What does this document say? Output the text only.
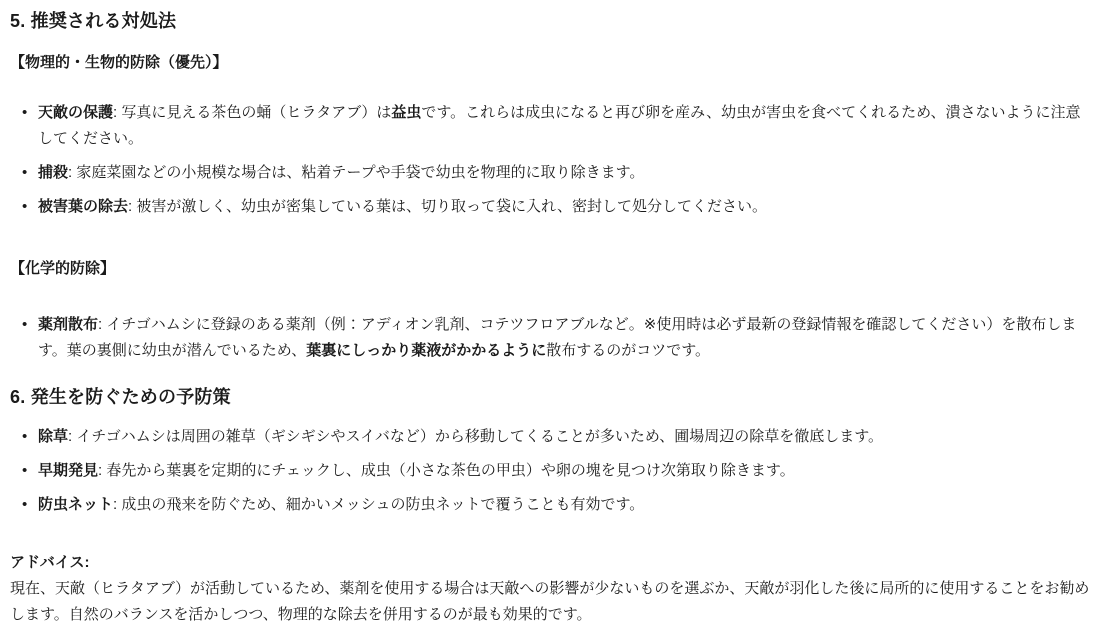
5. 推奨される対処法

【物理的・生物的防除（優先）】

• 天敵の保護: 写真に見える茶色の蛹（ヒラタアブ）は益虫です。これらは成虫になると再び卵を産み、幼虫が害虫を食べてくれるため、潰さないように注意してください。
• 捕殺: 家庭菜園などの小規模な場合は、粘着テープや手袋で幼虫を物理的に取り除きます。
• 被害葉の除去: 被害が激しく、幼虫が密集している葉は、切り取って袋に入れ、密封して処分してください。

【化学的防除】

• 薬剤散布: イチゴハムシに登録のある薬剤（例：アディオン乳剤、コテツフロアブルなど。※使用時は必ず最新の登録情報を確認してください）を散布します。葉の裏側に幼虫が潜んでいるため、葉裏にしっかり薬液がかかるように散布するのがコツです。
6. 発生を防ぐための予防策
• 除草: イチゴハムシは周囲の雑草（ギシギシやスイバなど）から移動してくることが多いため、圃場周辺の除草を徹底します。
• 早期発見: 春先から葉裏を定期的にチェックし、成虫（小さな茶色の甲虫）や卵の塊を見つけ次第取り除きます。
• 防虫ネット: 成虫の飛来を防ぐため、細かいメッシュの防虫ネットで覆うことも有効です。

アドバイス:
現在、天敵（ヒラタアブ）が活動しているため、薬剤を使用する場合は天敵への影響が少ないものを選ぶか、天敵が羽化した後に局所的に使用することをお勧めします。自然のバランスを活かしつつ、物理的な除去を併用するのが最も効果的です。
